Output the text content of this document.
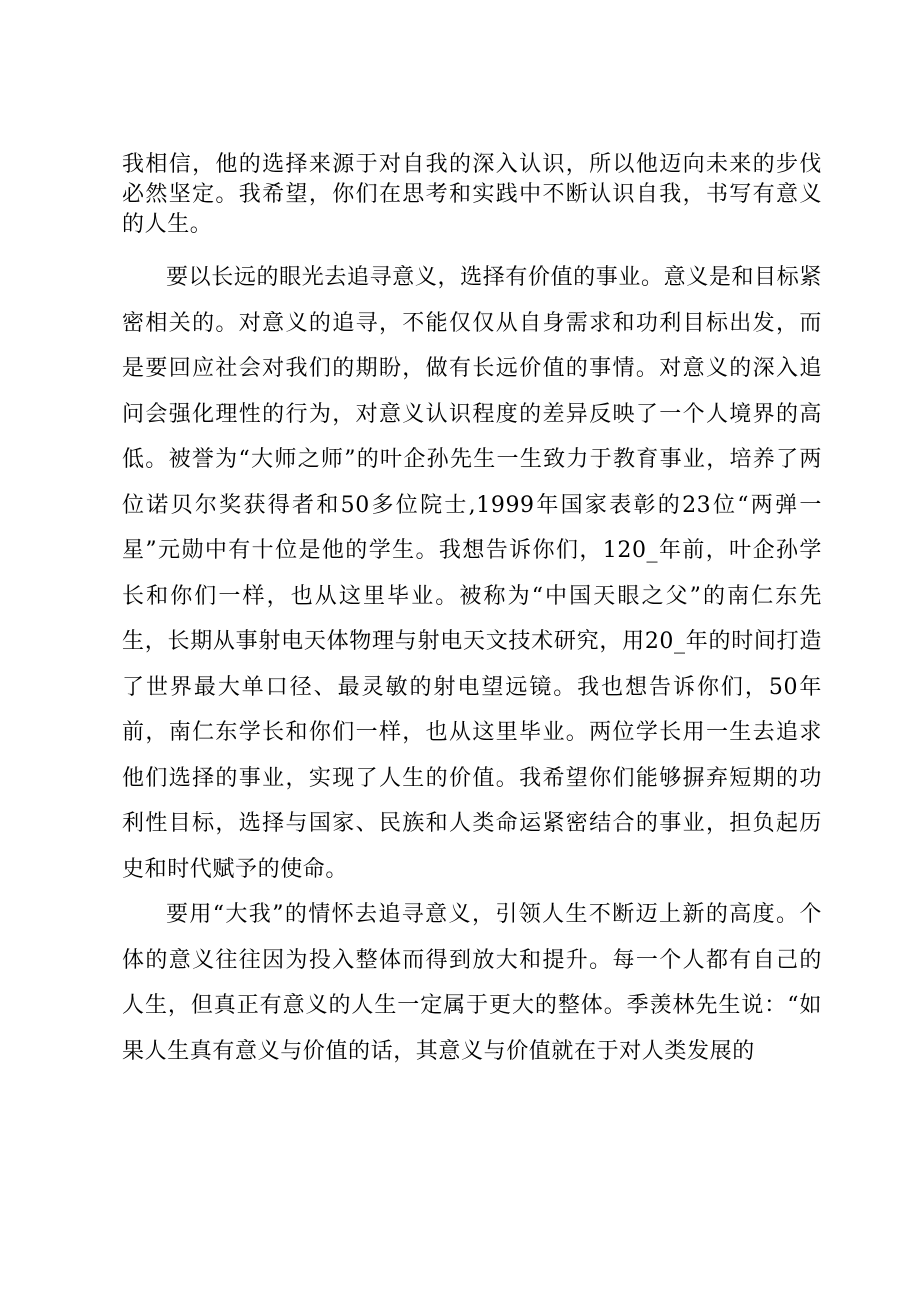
我相信，他的选择来源于对自我的深入认识，所以他迈向未来的步伐必然坚定。我希望，你们在思考和实践中不断认识自我，书写有意义的人生。

要以长远的眼光去追寻意义，选择有价值的事业。意义是和目标紧密相关的。对意义的追寻，不能仅仅从自身需求和功利目标出发，而是要回应社会对我们的期盼，做有长远价值的事情。对意义的深入追问会强化理性的行为，对意义认识程度的差异反映了一个人境界的高低。被誉为“大师之师”的叶企孙先生一生致力于教育事业，培养了两位诺贝尔奖获得者和50多位院士,1999年国家表彰的23位“两弹一星”元勋中有十位是他的学生。我想告诉你们，120_年前，叶企孙学长和你们一样，也从这里毕业。被称为“中国天眼之父”的南仁东先生，长期从事射电天体物理与射电天文技术研究，用20_年的时间打造了世界最大单口径、最灵敏的射电望远镜。我也想告诉你们，50年前，南仁东学长和你们一样，也从这里毕业。两位学长用一生去追求他们选择的事业，实现了人生的价值。我希望你们能够摒弃短期的功利性目标，选择与国家、民族和人类命运紧密结合的事业，担负起历史和时代赋予的使命。

要用“大我”的情怀去追寻意义，引领人生不断迈上新的高度。个体的意义往往因为投入整体而得到放大和提升。每一个人都有自己的人生，但真正有意义的人生一定属于更大的整体。季羡林先生说：“如果人生真有意义与价值的话，其意义与价值就在于对人类发展的
